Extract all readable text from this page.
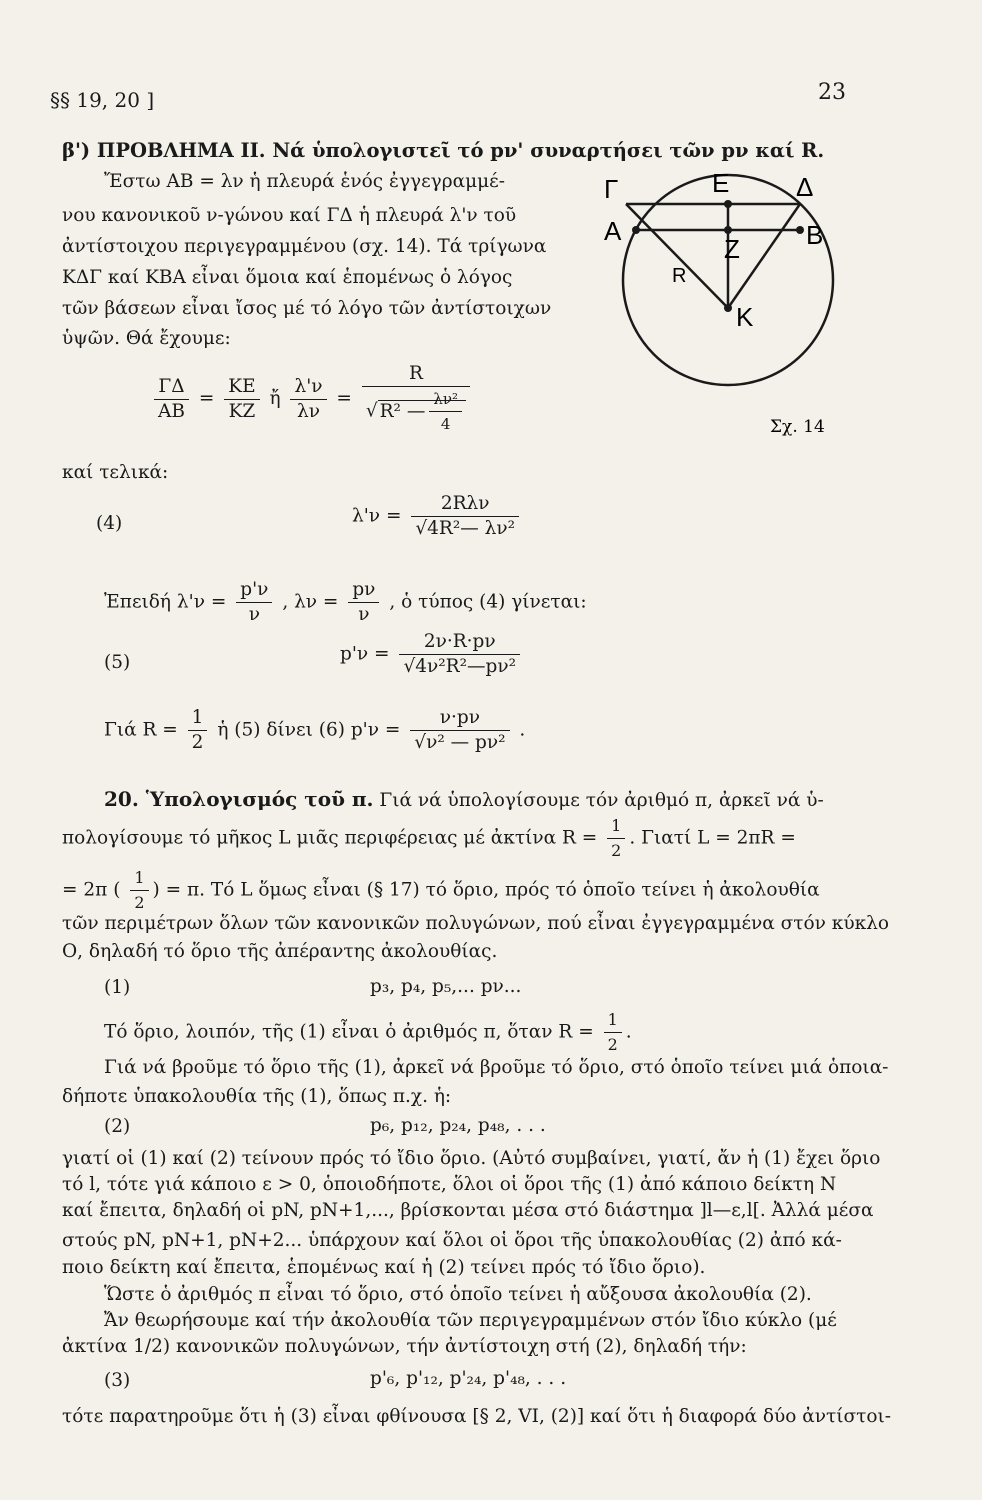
§§ 19, 20 ]	23
β') ΠΡΟΒΛΗΜΑ ΙΙ. Νά ὑπολογιστεῖ τό pν' συναρτήσει τῶν pν καί R.
Ἔστω AB = λν ἡ πλευρά ἑνός ἐγγεγραμμέ-
νου κανονικοῦ ν-γώνου καί ΓΔ ἡ πλευρά λ'ν τοῦ
ἀντίστοιχου περιγεγραμμένου (σχ. 14). Τά τρίγωνα
ΚΔΓ καί ΚΒΑ εἶναι ὅμοια καί ἑπομένως ὁ λόγος
τῶν βάσεων εἶναι ἴσος μέ τό λόγο τῶν ἀντίστοιχων
ὑψῶν. Θά ἔχουμε:
$\frac{\Gamma\Delta}{AB} = \frac{KE}{KZ}$ ἤ $\frac{\lambda'\nu}{\lambda\nu} = \frac{R}{√ R^2 — \frac{\text{λν²}}{4}}$
καί τελικά:
(4)	$\lambda'\nu = \frac{\text{2Rλν}}{\text{√4R²— λν²}}$
Ἐπειδή $\lambda'\nu = \frac{p'\nu}{\nu}$ , $\lambda\nu = \frac{p\nu}{\nu}$ , ὁ τύπος (4) γίνεται:
(5)	$p'\nu = \frac{2\nu\cdot R\cdot p\nu}{\text{√4ν²R²—pν²}}$
Γιά $R = \frac{1}{2}$ ἡ (5) δίνει (6) $p'\nu = \frac{\nu\cdot p\nu}{\text{√ν² — pν²}}$ .
20. Ὑπολογισμός τοῦ π. Γιά νά ὑπολογίσουμε τόν ἀριθμό π, ἀρκεῖ νά ὑ-
πολογίσουμε τό μῆκος L μιᾶς περιφέρειας μέ ἀκτίνα $R = \frac{1}{2}$ . Γιατί L = 2πR =
= 2π ( $\frac{1}{2}$ ) = π. Τό L ὅμως εἶναι (§ 17) τό ὅριο, πρός τό ὁποῖο τείνει ἡ ἀκολουθία
τῶν περιμέτρων ὅλων τῶν κανονικῶν πολυγώνων, πού εἶναι ἐγγεγραμμένα στόν κύκλο
Ο, δηλαδή τό ὅριο τῆς ἀπέραντης ἀκολουθίας.
(1)	p₃, p₄, p₅,... pν...
Τό ὅριο, λοιπόν, τῆς (1) εἶναι ὁ ἀριθμός π, ὅταν $R = \frac{1}{2}$ .
Γιά νά βροῦμε τό ὅριο τῆς (1), ἀρκεῖ νά βροῦμε τό ὅριο, στό ὁποῖο τείνει μιά ὁποια-
δήποτε ὑπακολουθία τῆς (1), ὅπως π.χ. ἡ:
(2)	p₆, p₁₂, p₂₄, p₄₈, . . .
γιατί οἱ (1) καί (2) τείνουν πρός τό ἴδιο ὅριο. (Αὐτό συμβαίνει, γιατί, ἄν ἡ (1) ἔχει ὅριο
τό l, τότε γιά κάποιο ε > 0, ὁποιοδήποτε, ὅλοι οἱ ὅροι τῆς (1) ἀπό κάποιο δείκτη N
καί ἔπειτα, δηλαδή οἱ pN, pN+1,..., βρίσκονται μέσα στό διάστημα ]l—ε,l[. Ἀλλά μέσα
στούς pN, pN+1, pN+2... ὑπάρχουν καί ὅλοι οἱ ὅροι τῆς ὑπακολουθίας (2) ἀπό κά-
ποιο δείκτη καί ἔπειτα, ἑπομένως καί ἡ (2) τείνει πρός τό ἴδιο ὅριο).
Ὥστε ὁ ἀριθμός π εἶναι τό ὅριο, στό ὁποῖο τείνει ἡ αὔξουσα ἀκολουθία (2).
Ἄν θεωρήσουμε καί τήν ἀκολουθία τῶν περιγεγραμμένων στόν ἴδιο κύκλο (μέ
ἀκτίνα 1/2) κανονικῶν πολυγώνων, τήν ἀντίστοιχη στή (2), δηλαδή τήν:
(3)	p'₆, p'₁₂, p'₂₄, p'₄₈, . . .
τότε παρατηροῦμε ὅτι ἡ (3) εἶναι φθίνουσα [§ 2, VI, (2)] καί ὅτι ἡ διαφορά δύο ἀντίστοι-
Γ	Ε	Δ
A
Z	B
R
K
Σχ. 14
